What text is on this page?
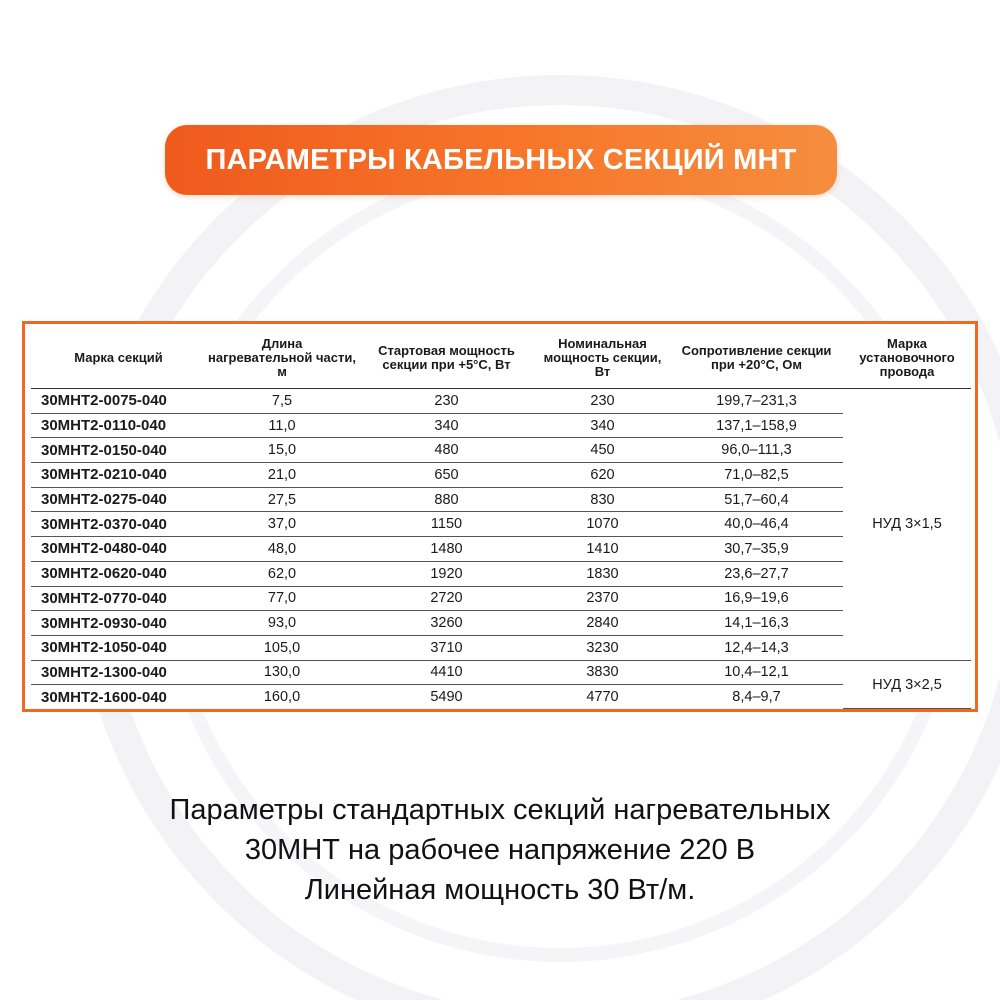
ПАРАМЕТРЫ КАБЕЛЬНЫХ СЕКЦИЙ МНТ
Марка секций	Длина нагревательной части, м	Стартовая мощность секции при +5°С, Вт	Номинальная мощность секции, Вт	Сопротивление секции при +20°С, Ом	Марка установочного провода
30МНТ2-0075-040	7,5	230	230	199,7–231,3	НУД 3×1,5
30МНТ2-0110-040	11,0	340	340	137,1–158,9	
30МНТ2-0150-040	15,0	480	450	96,0–111,3	
30МНТ2-0210-040	21,0	650	620	71,0–82,5	
30МНТ2-0275-040	27,5	880	830	51,7–60,4	
30МНТ2-0370-040	37,0	1150	1070	40,0–46,4	
30МНТ2-0480-040	48,0	1480	1410	30,7–35,9	
30МНТ2-0620-040	62,0	1920	1830	23,6–27,7	
30МНТ2-0770-040	77,0	2720	2370	16,9–19,6	
30МНТ2-0930-040	93,0	3260	2840	14,1–16,3	
30МНТ2-1050-040	105,0	3710	3230	12,4–14,3	
30МНТ2-1300-040	130,0	4410	3830	10,4–12,1	НУД 3×2,5
30МНТ2-1600-040	160,0	5490	4770	8,4–9,7	
Параметры стандартных секций нагревательных
30МНТ на рабочее напряжение 220 В
Линейная мощность 30 Вт/м.
